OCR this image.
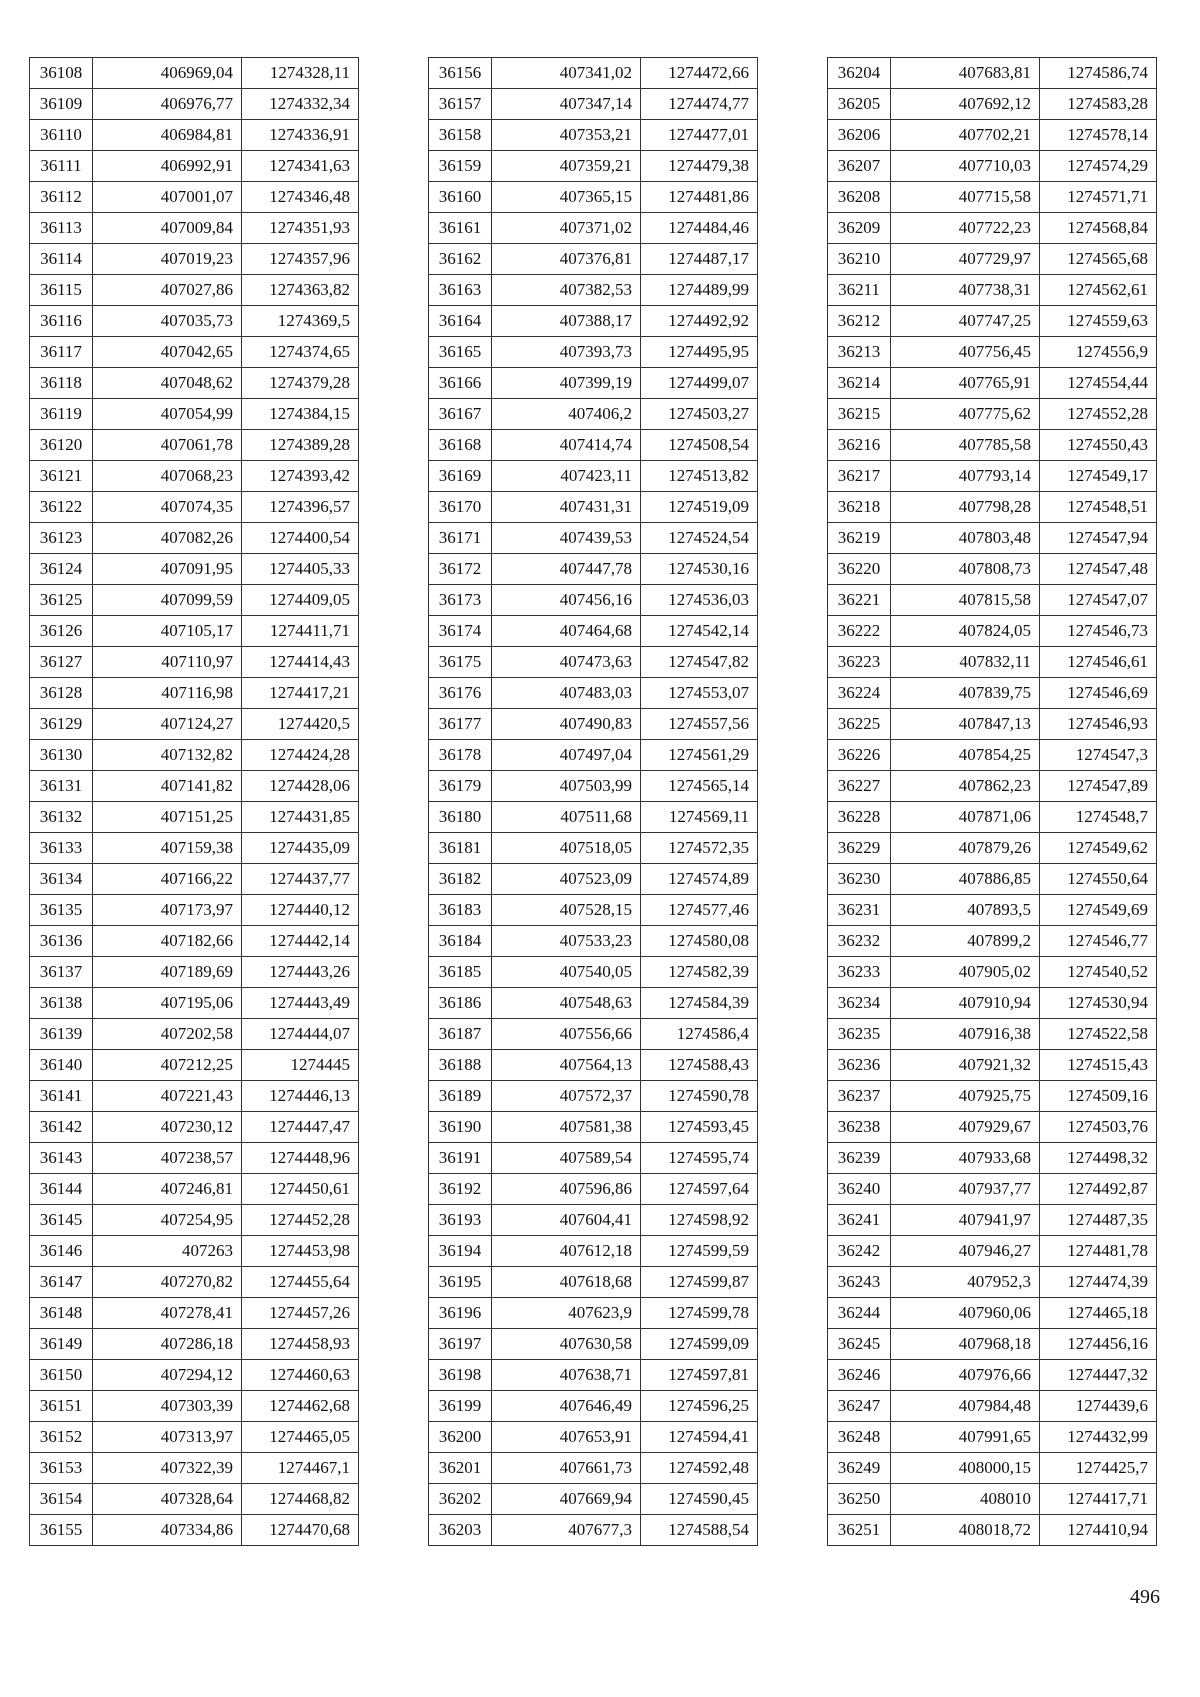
36108	406969,04	1274328,11
36109	406976,77	1274332,34
36110	406984,81	1274336,91
36111	406992,91	1274341,63
36112	407001,07	1274346,48
36113	407009,84	1274351,93
36114	407019,23	1274357,96
36115	407027,86	1274363,82
36116	407035,73	1274369,5
36117	407042,65	1274374,65
36118	407048,62	1274379,28
36119	407054,99	1274384,15
36120	407061,78	1274389,28
36121	407068,23	1274393,42
36122	407074,35	1274396,57
36123	407082,26	1274400,54
36124	407091,95	1274405,33
36125	407099,59	1274409,05
36126	407105,17	1274411,71
36127	407110,97	1274414,43
36128	407116,98	1274417,21
36129	407124,27	1274420,5
36130	407132,82	1274424,28
36131	407141,82	1274428,06
36132	407151,25	1274431,85
36133	407159,38	1274435,09
36134	407166,22	1274437,77
36135	407173,97	1274440,12
36136	407182,66	1274442,14
36137	407189,69	1274443,26
36138	407195,06	1274443,49
36139	407202,58	1274444,07
36140	407212,25	1274445
36141	407221,43	1274446,13
36142	407230,12	1274447,47
36143	407238,57	1274448,96
36144	407246,81	1274450,61
36145	407254,95	1274452,28
36146	407263	1274453,98
36147	407270,82	1274455,64
36148	407278,41	1274457,26
36149	407286,18	1274458,93
36150	407294,12	1274460,63
36151	407303,39	1274462,68
36152	407313,97	1274465,05
36153	407322,39	1274467,1
36154	407328,64	1274468,82
36155	407334,86	1274470,68
36156	407341,02	1274472,66
36157	407347,14	1274474,77
36158	407353,21	1274477,01
36159	407359,21	1274479,38
36160	407365,15	1274481,86
36161	407371,02	1274484,46
36162	407376,81	1274487,17
36163	407382,53	1274489,99
36164	407388,17	1274492,92
36165	407393,73	1274495,95
36166	407399,19	1274499,07
36167	407406,2	1274503,27
36168	407414,74	1274508,54
36169	407423,11	1274513,82
36170	407431,31	1274519,09
36171	407439,53	1274524,54
36172	407447,78	1274530,16
36173	407456,16	1274536,03
36174	407464,68	1274542,14
36175	407473,63	1274547,82
36176	407483,03	1274553,07
36177	407490,83	1274557,56
36178	407497,04	1274561,29
36179	407503,99	1274565,14
36180	407511,68	1274569,11
36181	407518,05	1274572,35
36182	407523,09	1274574,89
36183	407528,15	1274577,46
36184	407533,23	1274580,08
36185	407540,05	1274582,39
36186	407548,63	1274584,39
36187	407556,66	1274586,4
36188	407564,13	1274588,43
36189	407572,37	1274590,78
36190	407581,38	1274593,45
36191	407589,54	1274595,74
36192	407596,86	1274597,64
36193	407604,41	1274598,92
36194	407612,18	1274599,59
36195	407618,68	1274599,87
36196	407623,9	1274599,78
36197	407630,58	1274599,09
36198	407638,71	1274597,81
36199	407646,49	1274596,25
36200	407653,91	1274594,41
36201	407661,73	1274592,48
36202	407669,94	1274590,45
36203	407677,3	1274588,54
36204	407683,81	1274586,74
36205	407692,12	1274583,28
36206	407702,21	1274578,14
36207	407710,03	1274574,29
36208	407715,58	1274571,71
36209	407722,23	1274568,84
36210	407729,97	1274565,68
36211	407738,31	1274562,61
36212	407747,25	1274559,63
36213	407756,45	1274556,9
36214	407765,91	1274554,44
36215	407775,62	1274552,28
36216	407785,58	1274550,43
36217	407793,14	1274549,17
36218	407798,28	1274548,51
36219	407803,48	1274547,94
36220	407808,73	1274547,48
36221	407815,58	1274547,07
36222	407824,05	1274546,73
36223	407832,11	1274546,61
36224	407839,75	1274546,69
36225	407847,13	1274546,93
36226	407854,25	1274547,3
36227	407862,23	1274547,89
36228	407871,06	1274548,7
36229	407879,26	1274549,62
36230	407886,85	1274550,64
36231	407893,5	1274549,69
36232	407899,2	1274546,77
36233	407905,02	1274540,52
36234	407910,94	1274530,94
36235	407916,38	1274522,58
36236	407921,32	1274515,43
36237	407925,75	1274509,16
36238	407929,67	1274503,76
36239	407933,68	1274498,32
36240	407937,77	1274492,87
36241	407941,97	1274487,35
36242	407946,27	1274481,78
36243	407952,3	1274474,39
36244	407960,06	1274465,18
36245	407968,18	1274456,16
36246	407976,66	1274447,32
36247	407984,48	1274439,6
36248	407991,65	1274432,99
36249	408000,15	1274425,7
36250	408010	1274417,71
36251	408018,72	1274410,94
496
